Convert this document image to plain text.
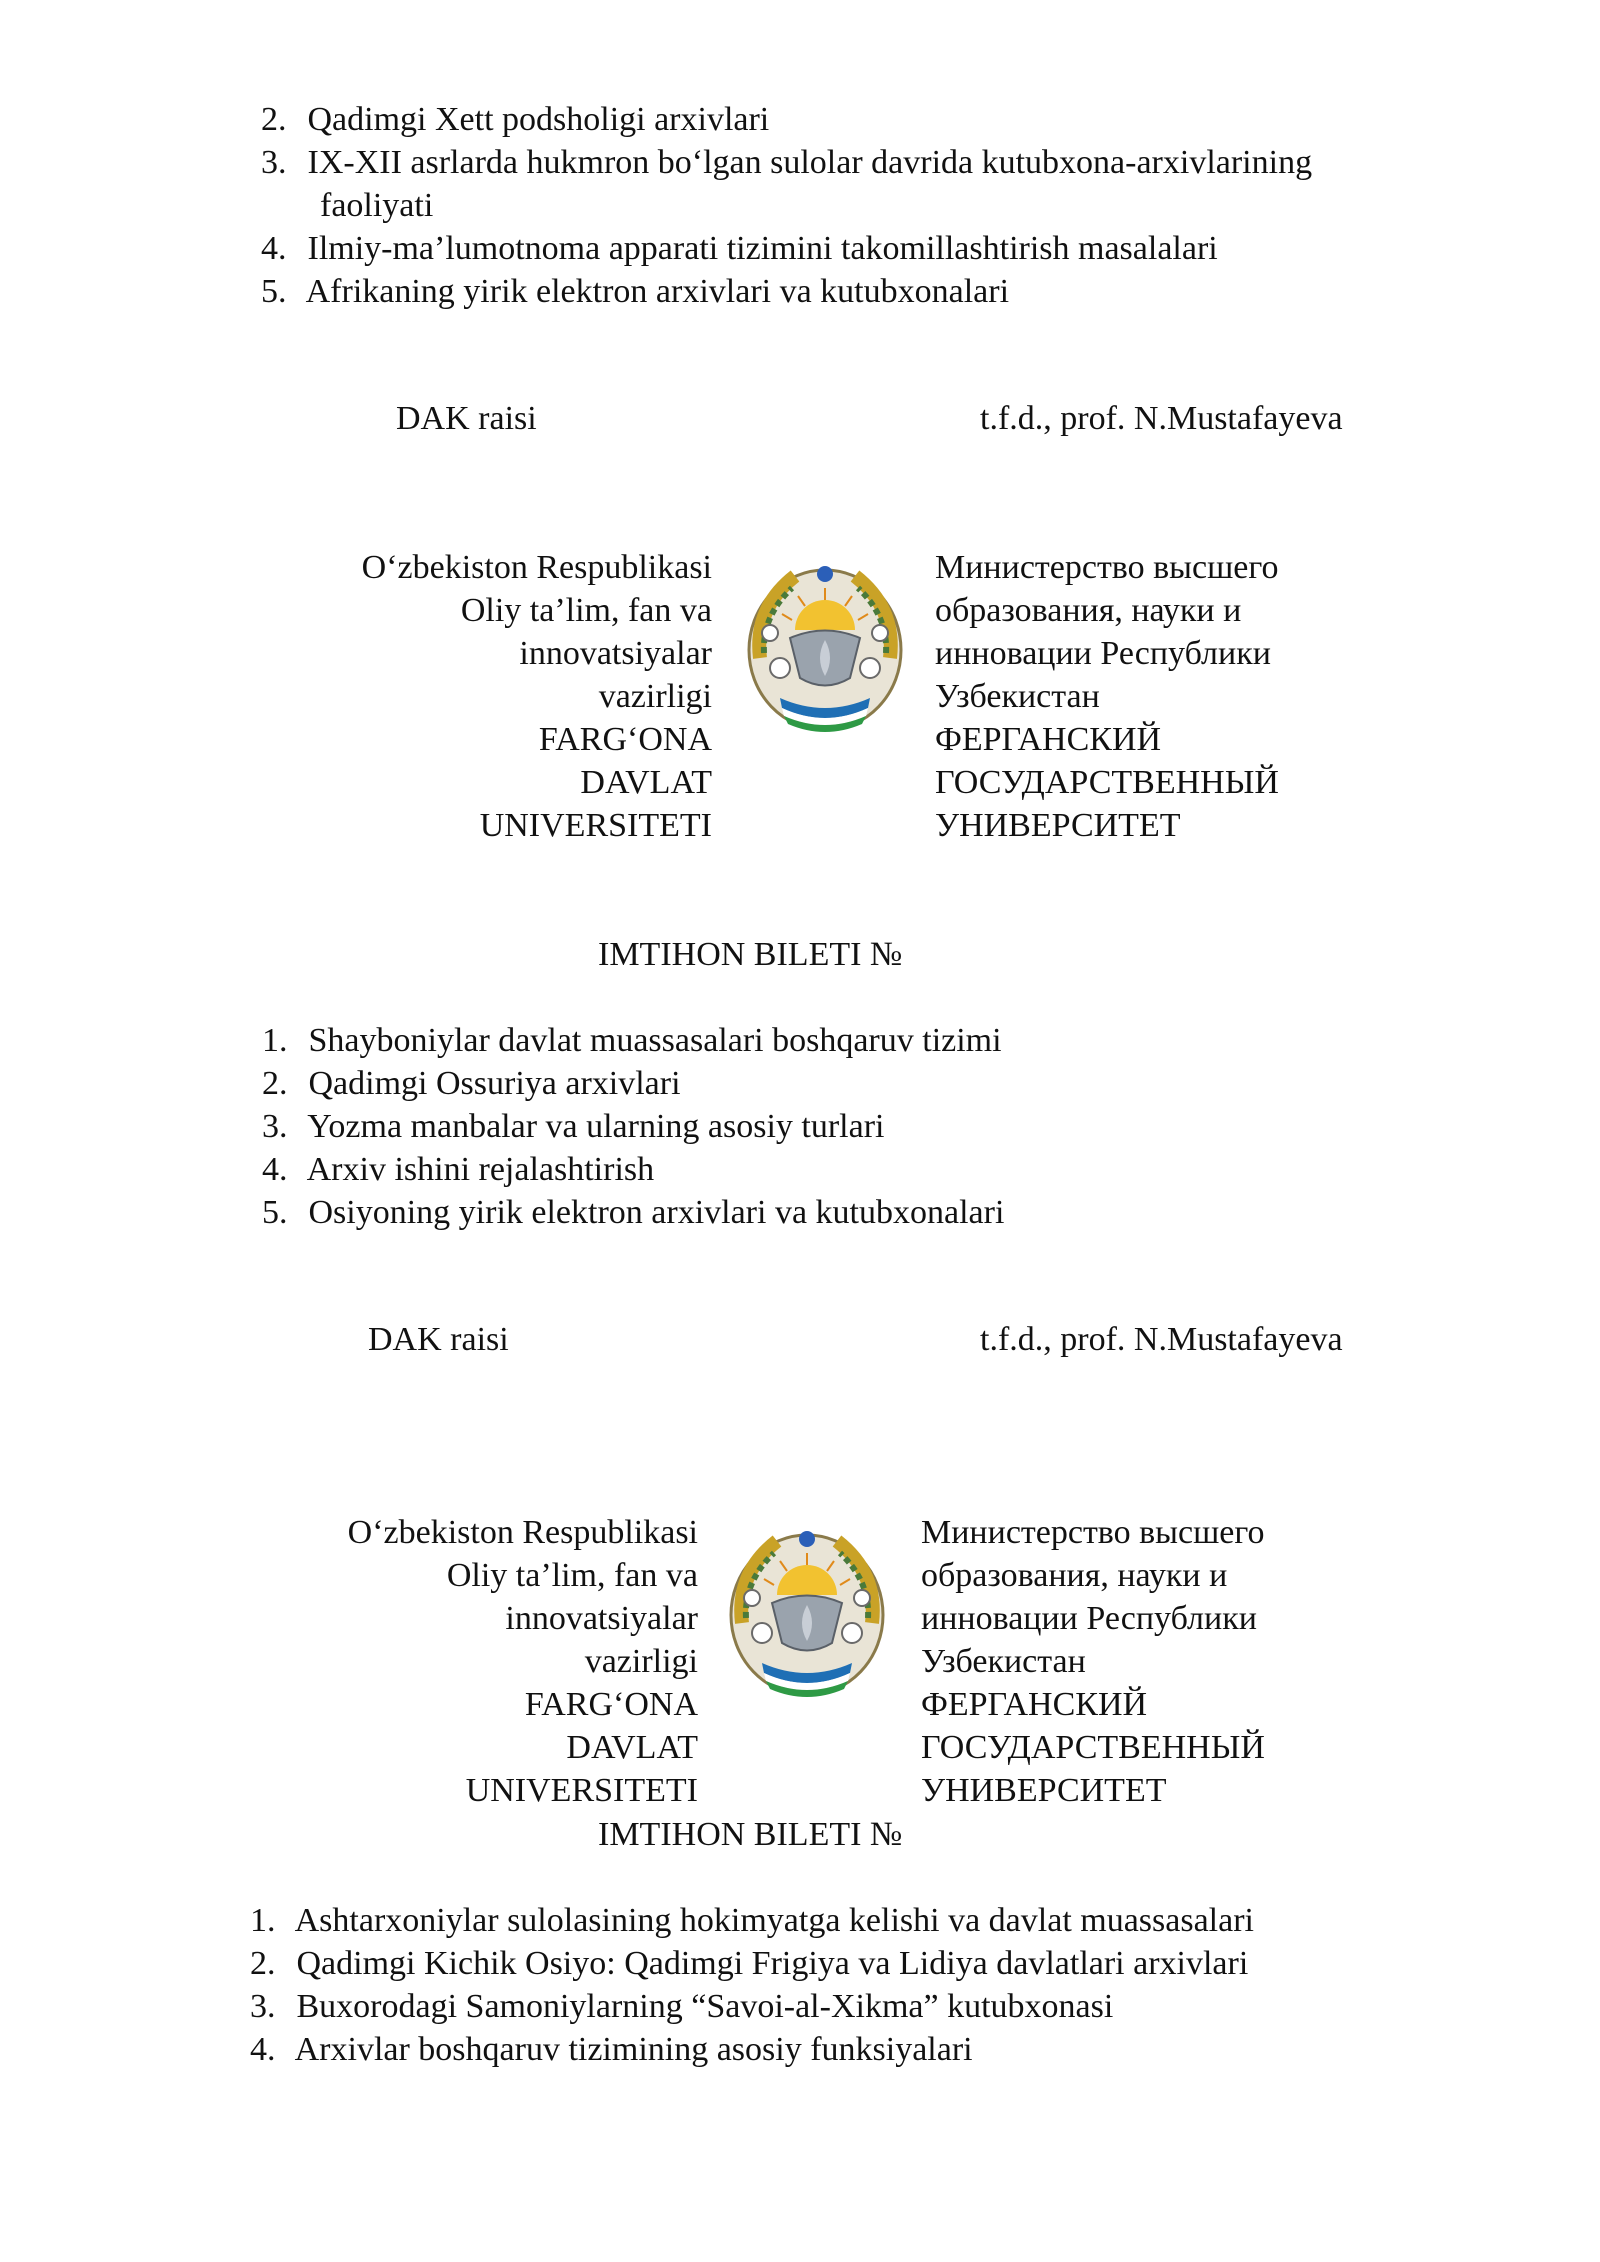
2. Qadimgi Xett podsholigi arxivlari
3. IX-XII asrlarda hukmron bo‘lgan sulolar davrida kutubxona-arxivlarining
faoliyati
4. Ilmiy-ma’lumotnoma apparati tizimini takomillashtirish masalalari
5. Afrikaning yirik elektron arxivlari va kutubxonalari
DAK raisi	t.f.d., prof. N.Mustafayeva
O‘zbekiston Respublikasi
Oliy ta’lim, fan va
innovatsiyalar
vazirligi
FARG‘ONA
DAVLAT
UNIVERSITETI
Министерство высшего
образования, науки и
инновации Республики
Узбекистан
ФЕРГАНСКИЙ
ГОСУДАРСТВЕННЫЙ
УНИВЕРСИТЕТ
IMTIHON BILETI №
1. Shayboniylar davlat muassasalari boshqaruv tizimi
2. Qadimgi Ossuriya arxivlari
3. Yozma manbalar va ularning asosiy turlari
4. Arxiv ishini rejalashtirish
5. Osiyoning yirik elektron arxivlari va kutubxonalari
DAK raisi	t.f.d., prof. N.Mustafayeva
O‘zbekiston Respublikasi
Oliy ta’lim, fan va
innovatsiyalar
vazirligi
FARG‘ONA
DAVLAT
UNIVERSITETI
Министерство высшего
образования, науки и
инновации Республики
Узбекистан
ФЕРГАНСКИЙ
ГОСУДАРСТВЕННЫЙ
УНИВЕРСИТЕТ
IMTIHON BILETI №
1. Ashtarxoniylar sulolasining hokimyatga kelishi va davlat muassasalari
2. Qadimgi Kichik Osiyo: Qadimgi Frigiya va Lidiya davlatlari arxivlari
3. Buxorodagi Samoniylarning “Savoi-al-Xikma” kutubxonasi
4. Arxivlar boshqaruv tizimining asosiy funksiyalari
